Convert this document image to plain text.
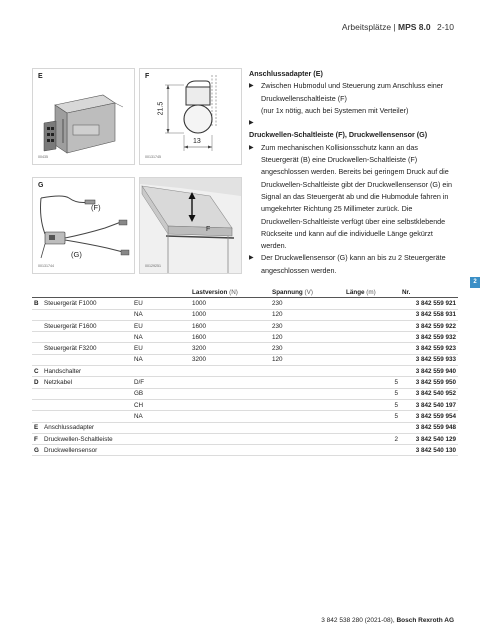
Arbeitsplätze | MPS 8.0 2-10
E
00435
F
21.5
13
00131745
G
(F)
(G)
00131744
F
00129251
Anschlussadapter (E)
▶ Zwischen Hubmodul und Steuerung zum Anschluss einer Druckwellenschaltleiste (F)
(nur 1x nötig, auch bei Systemen mit Verteiler)
▶
Druckwellen-Schaltleiste (F), Druckwellensensor (G)
▶ Zum mechanischen Kollisionsschutz kann an das Steuergerät (B) eine Druckwellen-Schaltleiste (F) angeschlossen werden. Bereits bei geringem Druck auf die Druckwellen-Schaltleiste gibt der Druckwellensensor (G) ein Signal an das Steuergerät ab und die Hubmodule fahren in umgekehrter Richtung 25 Millimeter zurück. Die Druckwellen-Schaltleiste verfügt über eine selbstklebende Rückseite und kann auf die individuelle Länge gekürzt werden.
▶ Der Druckwellensensor (G) kann an bis zu 2 Steuergeräte angeschlossen werden.
2
			Lastversion (N)	Spannung (V)	Länge (m)	Nr.
B	Steuergerät F1000	EU	1000	230		3 842 559 921
		NA	1000	120		3 842 558 931
	Steuergerät F1600	EU	1600	230		3 842 559 922
		NA	1600	120		3 842 559 932
	Steuergerät F3200	EU	3200	230		3 842 559 923
		NA	3200	120		3 842 559 933
C	Handschalter					3 842 559 940
D	Netzkabel	D/F			5	3 842 559 950
		GB			5	3 842 540 952
		CH			5	3 842 540 197
		NA			5	3 842 559 954
E	Anschlussadapter					3 842 559 948
F	Druckwellen-Schaltleiste				2	3 842 540 129
G	Druckwellensensor					3 842 540 130
3 842 538 280 (2021-08), Bosch Rexroth AG
